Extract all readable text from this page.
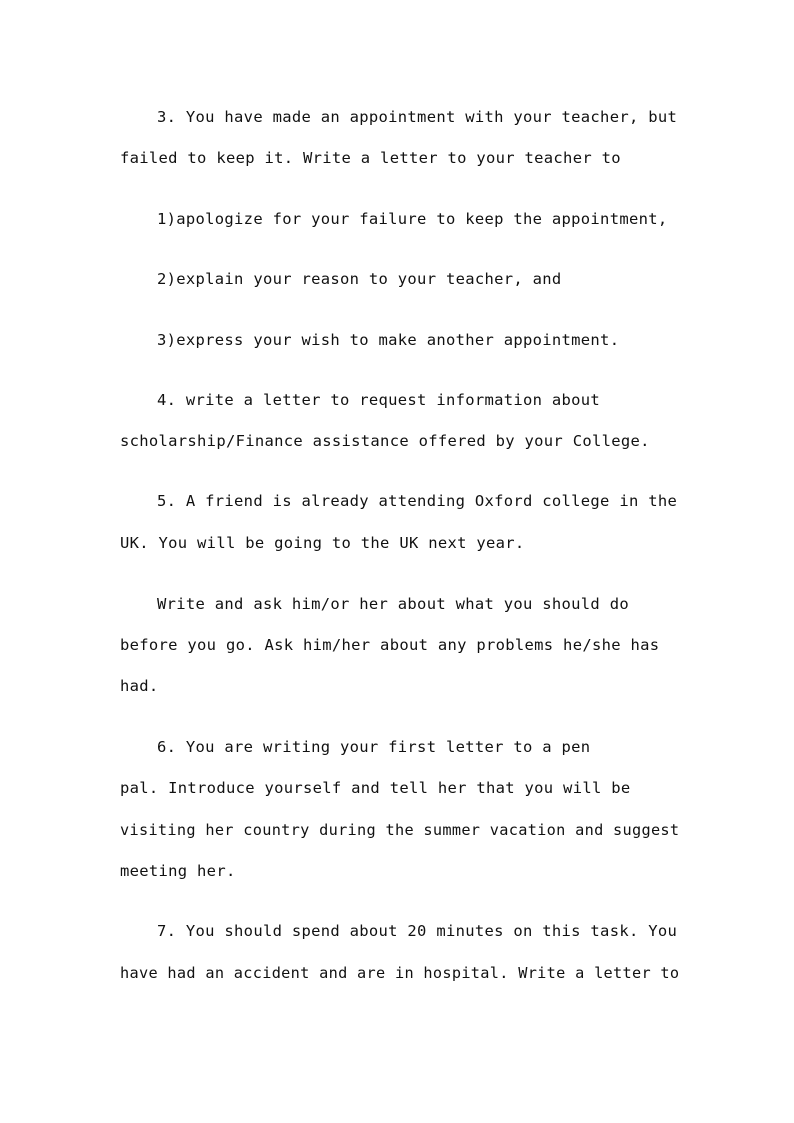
3. You have made an appointment with your teacher, but

failed to keep it. Write a letter to your teacher to

1)apologize for your failure to keep the appointment,

2)explain your reason to your teacher, and

3)express your wish to make another appointment.

4. write a letter to request information about

scholarship/Finance assistance offered by your College.

5. A friend is already attending Oxford college in the

UK. You will be going to the UK next year.

Write and ask him/or her about what you should do

before you go. Ask him/her about any problems he/she has

had.

6. You are writing your first letter to a pen

pal. Introduce yourself and tell her that you will be

visiting her country during the summer vacation and suggest

meeting her.

7. You should spend about 20 minutes on this task. You

have had an accident and are in hospital. Write a letter to
